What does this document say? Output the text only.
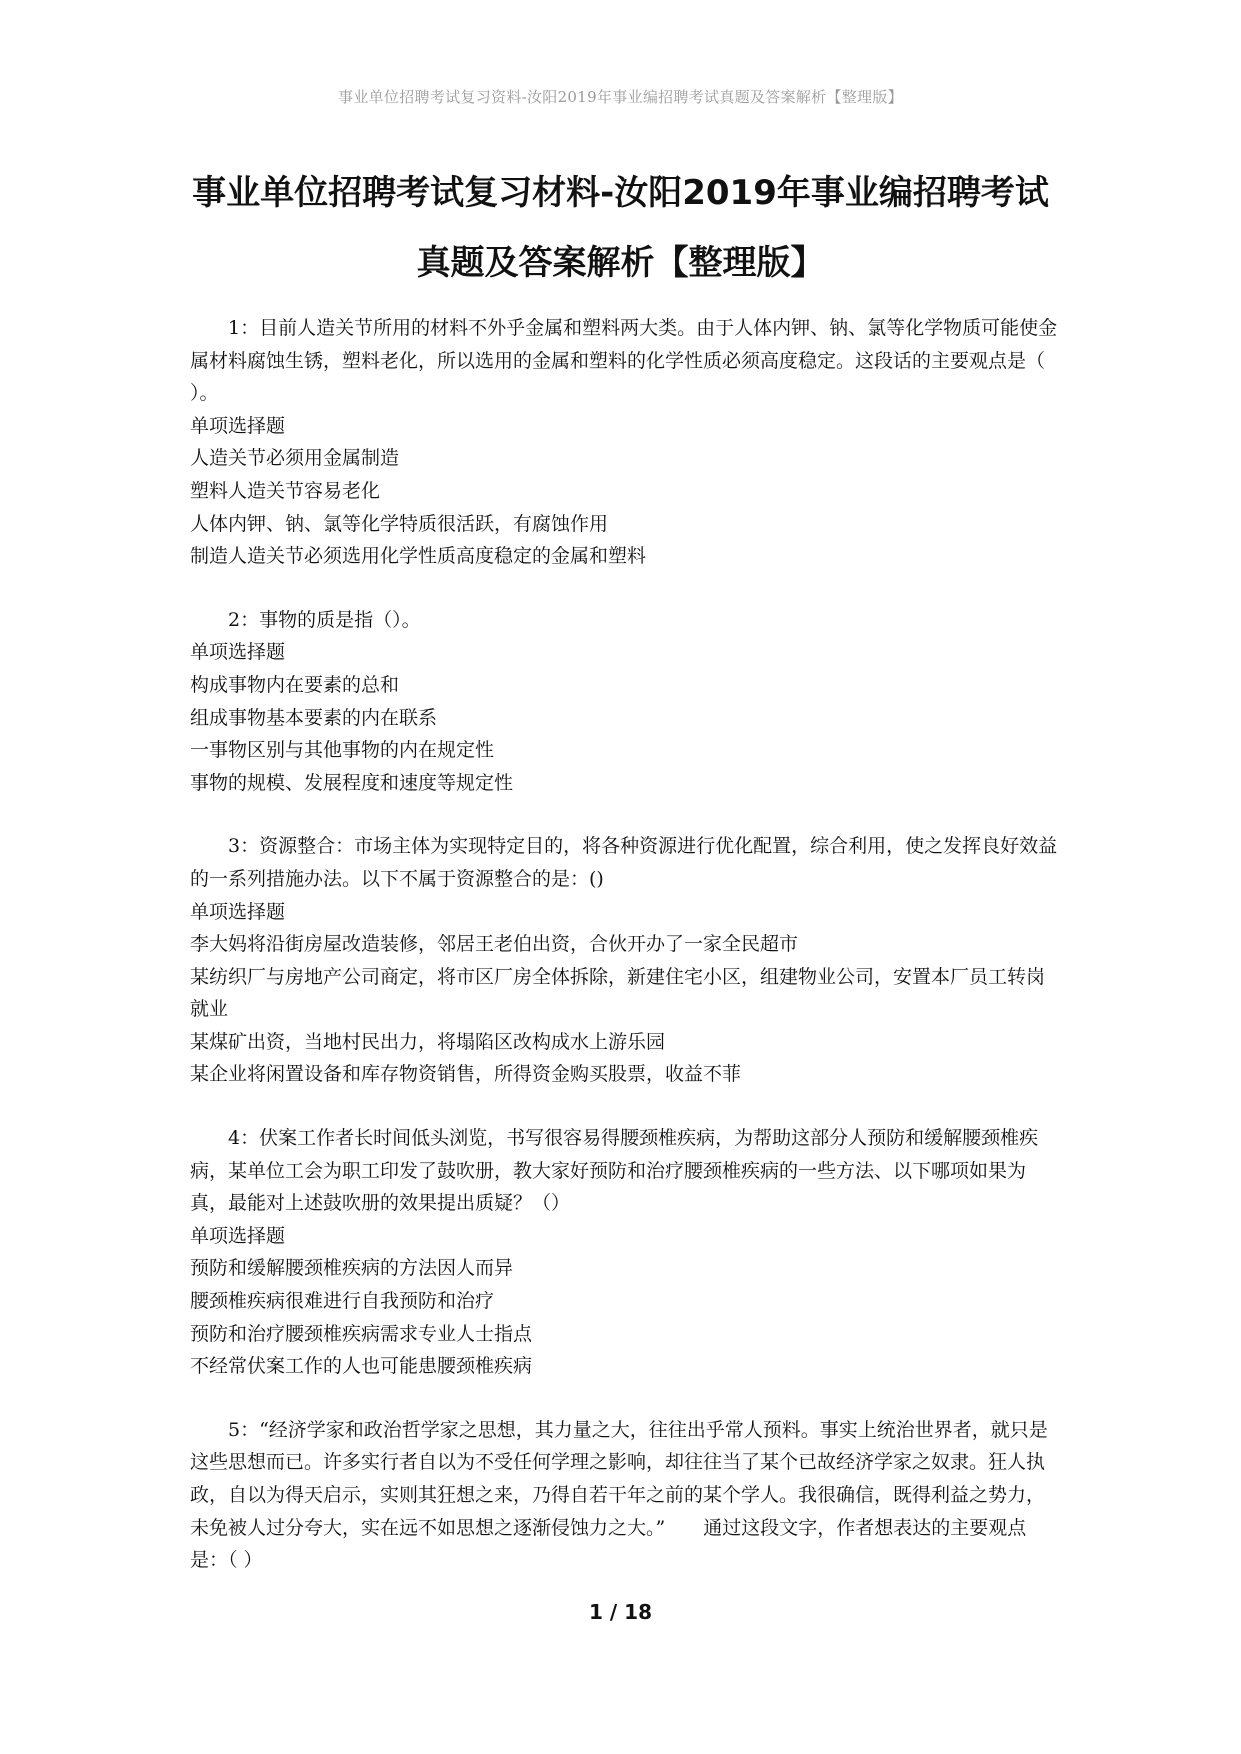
事业单位招聘考试复习资料-汝阳2019年事业编招聘考试真题及答案解析【整理版】
事业单位招聘考试复习材料-汝阳2019年事业编招聘考试
真题及答案解析【整理版】

1：目前人造关节所用的材料不外乎金属和塑料两大类。由于人体内钾、钠、氯等化学物质可能使金属材料腐蚀生锈，塑料老化，所以选用的金属和塑料的化学性质必须高度稳定。这段话的主要观点是（ ）。

单项选择题

人造关节必须用金属制造

塑料人造关节容易老化

人体内钾、钠、氯等化学特质很活跃，有腐蚀作用

制造人造关节必须选用化学性质高度稳定的金属和塑料

2：事物的质是指（）。

单项选择题

构成事物内在要素的总和

组成事物基本要素的内在联系

一事物区别与其他事物的内在规定性

事物的规模、发展程度和速度等规定性

3：资源整合：市场主体为实现特定目的，将各种资源进行优化配置，综合利用，使之发挥良好效益的一系列措施办法。以下不属于资源整合的是：()

单项选择题

李大妈将沿街房屋改造装修，邻居王老伯出资，合伙开办了一家全民超市

某纺织厂与房地产公司商定，将市区厂房全体拆除，新建住宅小区，组建物业公司，安置本厂员工转岗就业

某煤矿出资，当地村民出力，将塌陷区改构成水上游乐园

某企业将闲置设备和库存物资销售，所得资金购买股票，收益不菲

4：伏案工作者长时间低头浏览，书写很容易得腰颈椎疾病，为帮助这部分人预防和缓解腰颈椎疾病，某单位工会为职工印发了鼓吹册，教大家好预防和治疗腰颈椎疾病的一些方法、以下哪项如果为真，最能对上述鼓吹册的效果提出质疑？（）

单项选择题

预防和缓解腰颈椎疾病的方法因人而异

腰颈椎疾病很难进行自我预防和治疗

预防和治疗腰颈椎疾病需求专业人士指点

不经常伏案工作的人也可能患腰颈椎疾病

5：“经济学家和政治哲学家之思想，其力量之大，往往出乎常人预料。事实上统治世界者，就只是这些思想而已。许多实行者自以为不受任何学理之影响，却往往当了某个已故经济学家之奴隶。狂人执政，自以为得天启示，实则其狂想之来，乃得自若干年之前的某个学人。我很确信，既得利益之势力，未免被人过分夸大，实在远不如思想之逐渐侵蚀力之大。”　　通过这段文字，作者想表达的主要观点是：（ ）

1 / 18
